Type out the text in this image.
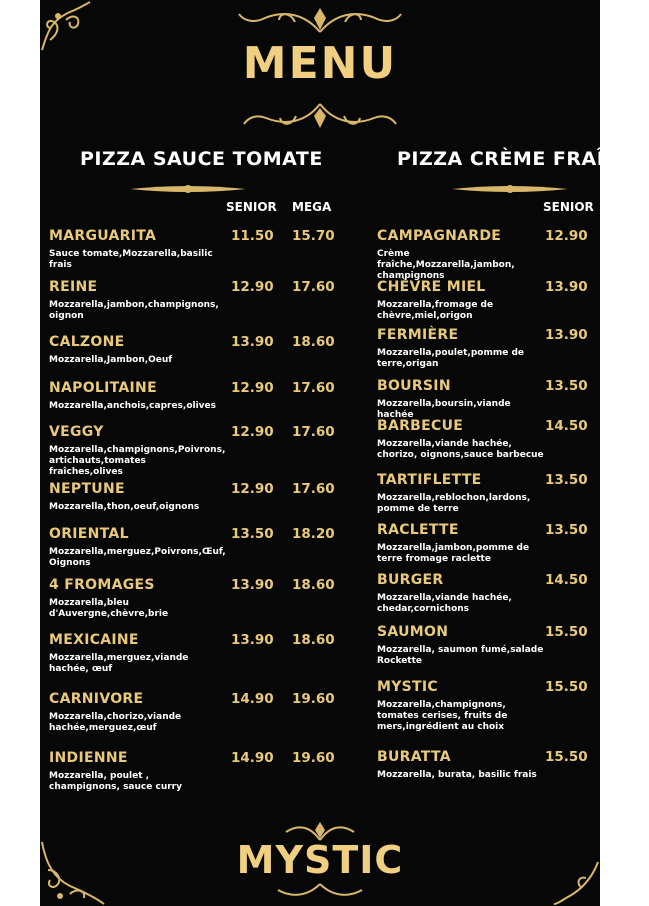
MENU
PIZZA SAUCE TOMATE
SENIOR MEGA
MARGUARITA
Sauce tomate,Mozzarella,basilic frais
11.50 15.70
REINE
Mozzarella,jambon,champignons, oignon
12.90 17.60
CALZONE
Mozzarella,Jambon,Oeuf
13.90 18.60
NAPOLITAINE
Mozzarella,anchois,capres,olives
12.90 17.60
VEGGY
Mozzarella,champignons,Poivrons, artichauts,tomates fraîches,olives
12.90 17.60
NEPTUNE
Mozzarella,thon,oeuf,oignons
12.90 17.60
ORIENTAL
Mozzarella,merguez,Poivrons,Œuf, Oignons
13.50 18.20
4 FROMAGES
Mozzarella,bleu d'Auvergne,chèvre,brie
13.90 18.60
MEXICAINE
Mozzarella,merguez,viande hachée, œuf
13.90 18.60
CARNIVORE
Mozzarella,chorizo,viande hachée,merguez,œuf
14.90 19.60
INDIENNE
Mozzarella, poulet , champignons, sauce curry
14.90 19.60
PIZZA CRÈME FRAÎCHE
SENIOR
CAMPAGNARDE
Crème fraîche,Mozzarella,jambon, champignons
12.90
CHÈVRE MIEL
Mozzarella,fromage de chèvre,miel,origon
13.90
FERMIÈRE
Mozzarella,poulet,pomme de terre,origan
13.90
BOURSIN
Mozzarella,boursin,viande hachée
13.50
BARBECUE
Mozzarella,viande hachée, chorizo, oignons,sauce barbecue
14.50
TARTIFLETTE
Mozzarella,reblochon,lardons, pomme de terre
13.50
RACLETTE
Mozzarella,jambon,pomme de terre fromage raclette
13.50
BURGER
Mozzarella,viande hachée, chedar,cornichons
14.50
SAUMON
Mozzarella, saumon fumé,salade Rockette
15.50
MYSTIC
Mozzarella,champignons, tomates cerises, fruits de mers,ingrédient au choix
15.50
BURATTA
Mozzarella, burata, basilic frais
15.50
MYSTIC
